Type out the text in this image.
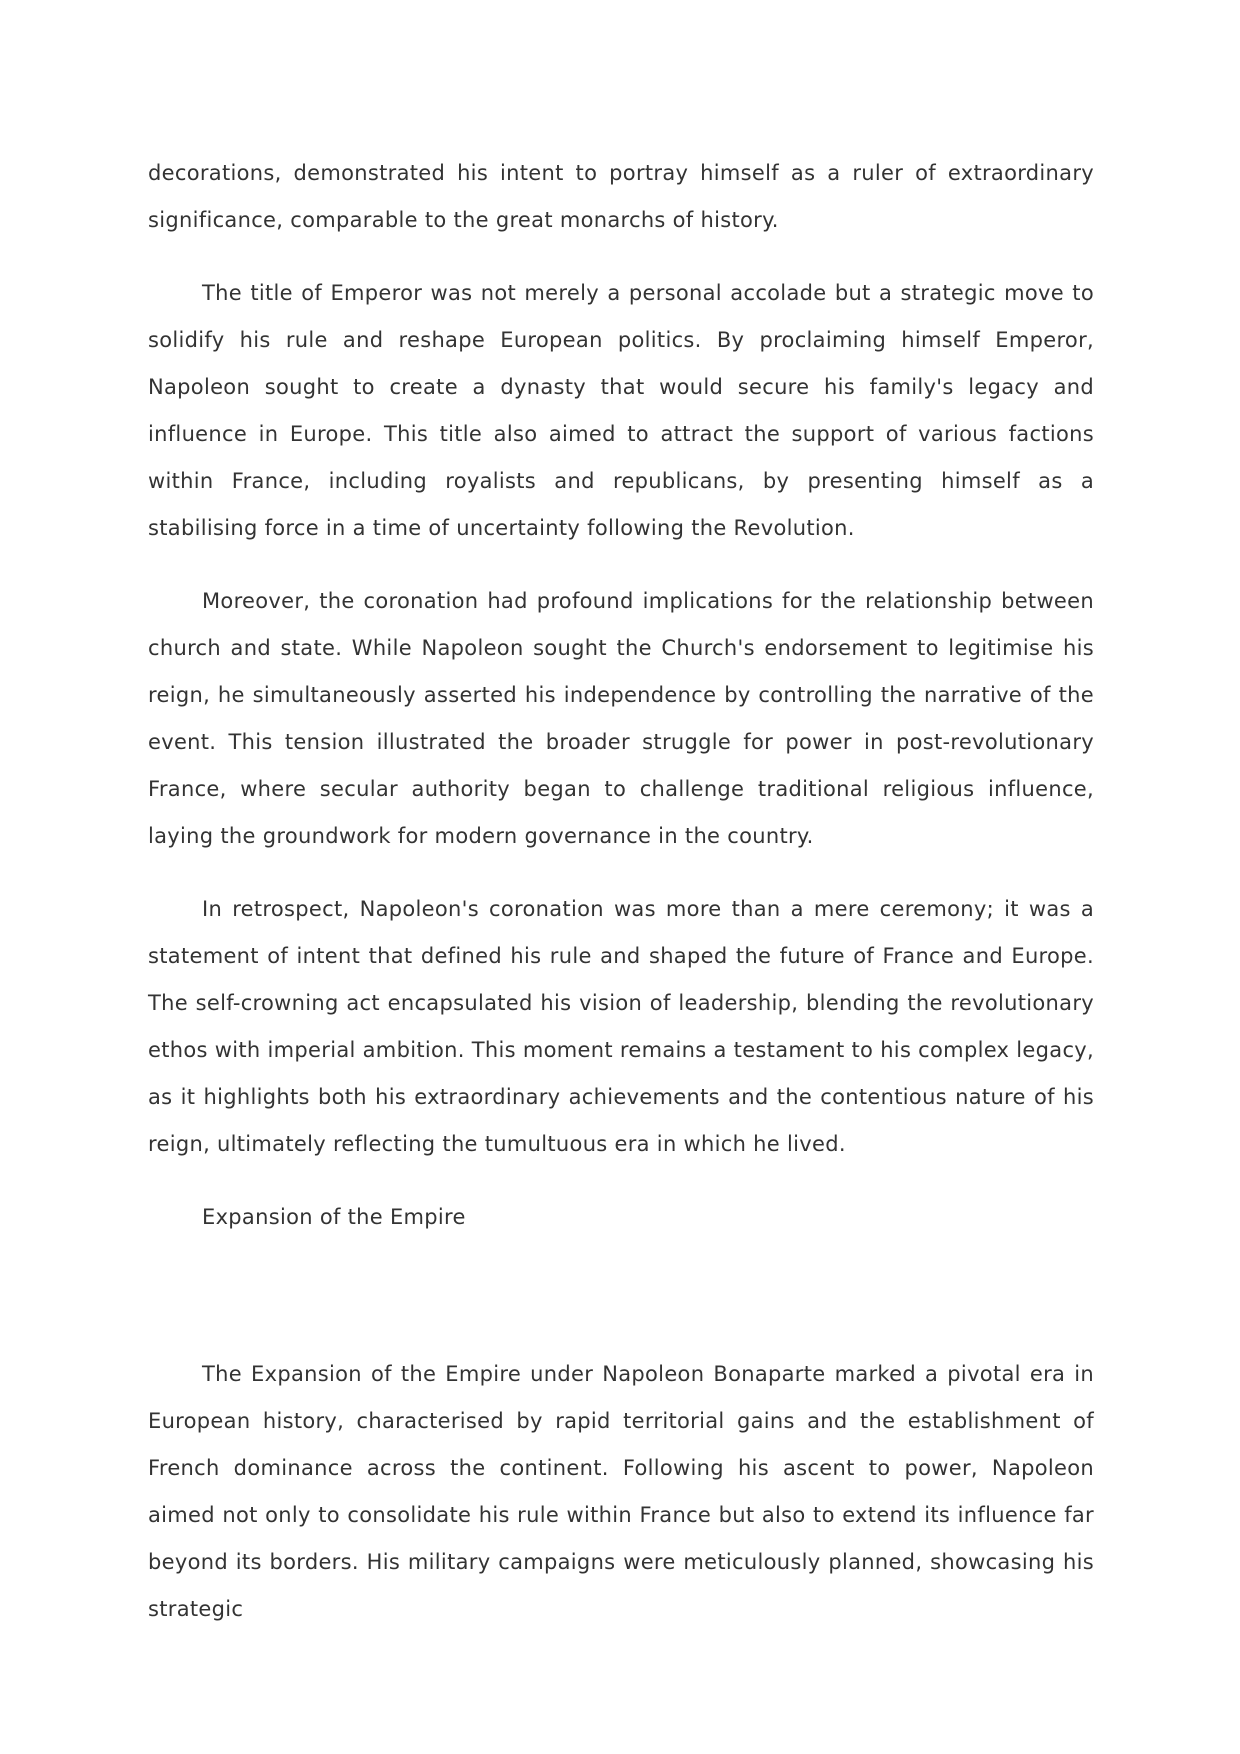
decorations, demonstrated his intent to portray himself as a ruler of extraordinary significance, comparable to the great monarchs of history.

The title of Emperor was not merely a personal accolade but a strategic move to solidify his rule and reshape European politics. By proclaiming himself Emperor, Napoleon sought to create a dynasty that would secure his family's legacy and influence in Europe. This title also aimed to attract the support of various factions within France, including royalists and republicans, by presenting himself as a stabilising force in a time of uncertainty following the Revolution.

Moreover, the coronation had profound implications for the relationship between church and state. While Napoleon sought the Church's endorsement to legitimise his reign, he simultaneously asserted his independence by controlling the narrative of the event. This tension illustrated the broader struggle for power in post-revolutionary France, where secular authority began to challenge traditional religious influence, laying the groundwork for modern governance in the country.

In retrospect, Napoleon's coronation was more than a mere ceremony; it was a statement of intent that defined his rule and shaped the future of France and Europe. The self-crowning act encapsulated his vision of leadership, blending the revolutionary ethos with imperial ambition. This moment remains a testament to his complex legacy, as it highlights both his extraordinary achievements and the contentious nature of his reign, ultimately reflecting the tumultuous era in which he lived.

Expansion of the Empire

The Expansion of the Empire under Napoleon Bonaparte marked a pivotal era in European history, characterised by rapid territorial gains and the establishment of French dominance across the continent. Following his ascent to power, Napoleon aimed not only to consolidate his rule within France but also to extend its influence far beyond its borders. His military campaigns were meticulously planned, showcasing his strategic
